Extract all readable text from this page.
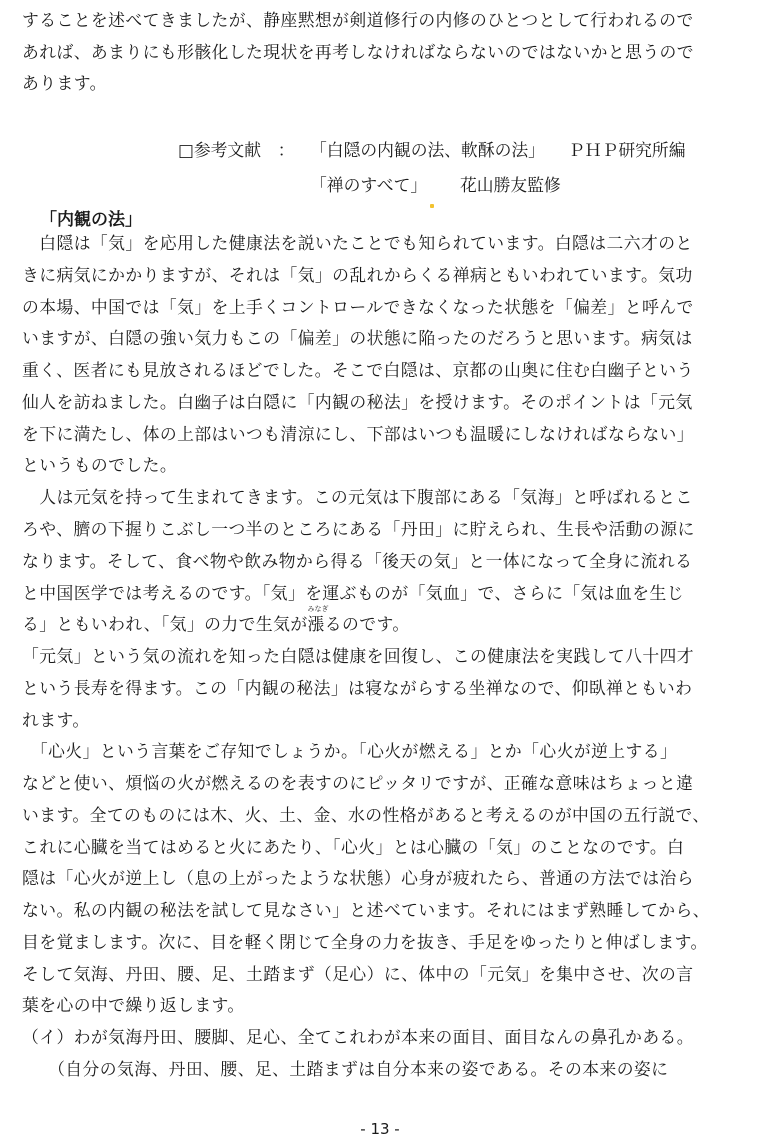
することを述べてきましたが、静座黙想が剣道修行の内修のひとつとして行われるので
あれば、あまりにも形骸化した現状を再考しなければならないのではないかと思うので
あります。
□参考文献　： 「白隠の内観の法、軟酥の法」 ＰＨＰ研究所編
「禅のすべて」 花山勝友監修
「内観の法」
　白隠は「気」を応用した健康法を説いたことでも知られています。白隠は二六才のと
きに病気にかかりますが、それは「気」の乱れからくる禅病ともいわれています。気功
の本場、中国では「気」を上手くコントロールできなくなった状態を「偏差」と呼んで
いますが、白隠の強い気力もこの「偏差」の状態に陥ったのだろうと思います。病気は
重く、医者にも見放されるほどでした。そこで白隠は、京都の山奥に住む白幽子という
仙人を訪ねました。白幽子は白隠に「内観の秘法」を授けます。そのポイントは「元気
を下に満たし、体の上部はいつも清涼にし、下部はいつも温暖にしなければならない」
というものでした。
　人は元気を持って生まれてきます。この元気は下腹部にある「気海」と呼ばれるとこ
ろや、臍の下握りこぶし一つ半のところにある「丹田」に貯えられ、生長や活動の源に
なります。そして、食べ物や飲み物から得る「後天の気」と一体になって全身に流れる
と中国医学では考えるのです。「気」を運ぶものが「気血」で、さらに「気は血を生じ
る」ともいわれ、「気」の力で生気が
みなぎ
漲るのです。
「元気」という気の流れを知った白隠は健康を回復し、この健康法を実践して八十四才
という長寿を得ます。この「内観の秘法」は寝ながらする坐禅なので、仰臥禅ともいわ
れます。
　「心火」という言葉をご存知でしょうか。「心火が燃える」とか「心火が逆上する」
などと使い、煩悩の火が燃えるのを表すのにピッタリですが、正確な意味はちょっと違
います。全てのものには木、火、土、金、水の性格があると考えるのが中国の五行説で、
これに心臓を当てはめると火にあたり、「心火」とは心臓の「気」のことなのです。白
隠は「心火が逆上し（息の上がったような状態）心身が疲れたら、普通の方法では治ら
ない。私の内観の秘法を試して見なさい」と述べています。それにはまず熟睡してから、
目を覚まします。次に、目を軽く閉じて全身の力を抜き、手足をゆったりと伸ばします。
そして気海、丹田、腰、足、土踏まず（足心）に、体中の「元気」を集中させ、次の言
葉を心の中で繰り返します。
（イ）わが気海丹田、腰脚、足心、全てこれわが本来の面目、面目なんの鼻孔かある。
　　（自分の気海、丹田、腰、足、土踏まずは自分本来の姿である。その本来の姿に
- 13 -
